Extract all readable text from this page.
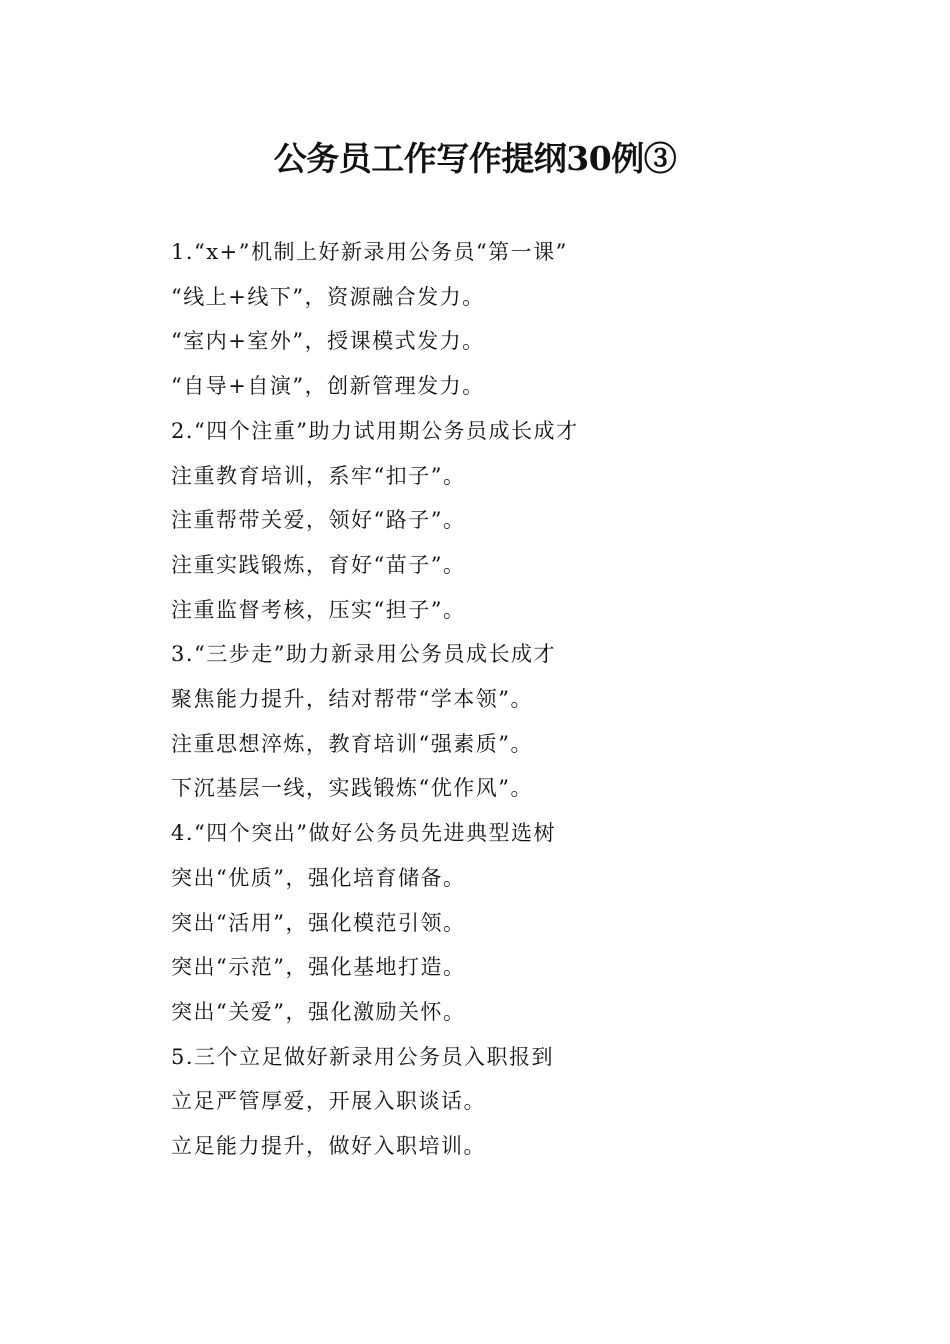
公务员工作写作提纲30例③
1.“x+”机制上好新录用公务员“第一课”
“线上+线下”，资源融合发力。
“室内+室外”，授课模式发力。
“自导+自演”，创新管理发力。
2.“四个注重”助力试用期公务员成长成才
注重教育培训，系牢“扣子”。
注重帮带关爱，领好“路子”。
注重实践锻炼，育好“苗子”。
注重监督考核，压实“担子”。
3.“三步走”助力新录用公务员成长成才
聚焦能力提升，结对帮带“学本领”。
注重思想淬炼，教育培训“强素质”。
下沉基层一线，实践锻炼“优作风”。
4.“四个突出”做好公务员先进典型选树
突出“优质”，强化培育储备。
突出“活用”，强化模范引领。
突出“示范”，强化基地打造。
突出“关爱”，强化激励关怀。
5.三个立足做好新录用公务员入职报到
立足严管厚爱，开展入职谈话。
立足能力提升，做好入职培训。
